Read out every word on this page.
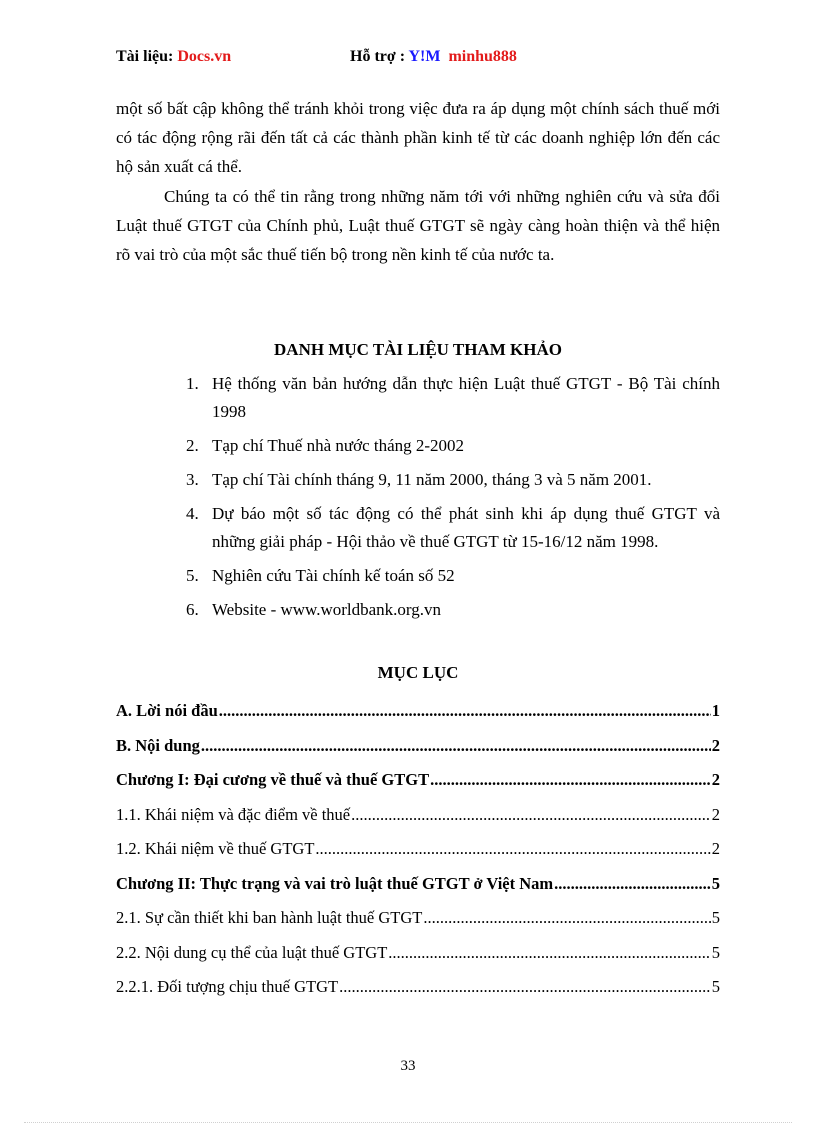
Tài liệu: Docs.vn	Hỗ trợ : Y!M minhu888
một số bất cập không thể tránh khỏi trong việc đưa ra áp dụng một chính sách thuế mới có tác động rộng rãi đến tất cả các thành phần kinh tế từ các doanh nghiệp lớn đến các hộ sản xuất cá thể.
Chúng ta có thể tin rằng trong những năm tới với những nghiên cứu và sửa đổi Luật thuế GTGT của Chính phủ, Luật thuế GTGT sẽ ngày càng hoàn thiện và thể hiện rõ vai trò của một sắc thuế tiến bộ trong nền kinh tế của nước ta.
DANH MỤC TÀI LIỆU THAM KHẢO
1. Hệ thống văn bản hướng dẫn thực hiện Luật thuế GTGT - Bộ Tài chính 1998
2. Tạp chí Thuế nhà nước tháng 2-2002
3. Tạp chí Tài chính tháng 9, 11 năm 2000, tháng 3 và 5 năm 2001.
4. Dự báo một số tác động có thể phát sinh khi áp dụng thuế GTGT và những giải pháp - Hội thảo về thuế GTGT từ 15-16/12 năm 1998.
5. Nghiên cứu Tài chính kế toán số 52
6. Website - www.worldbank.org.vn
MỤC LỤC
A. Lời nói đầu .....	1
B. Nội dung .....	2
Chương I: Đại cương về thuế và thuế GTGT .....	2
1.1. Khái niệm và đặc điểm về thuế .....	2
1.2. Khái niệm về thuế GTGT .....	2
Chương II: Thực trạng và vai trò luật thuế GTGT ở Việt Nam .....	5
2.1. Sự cần thiết khi ban hành luật thuế GTGT .....	5
2.2. Nội dung cụ thể của luật thuế GTGT .....	5
2.2.1. Đối tượng chịu thuế GTGT .....	5
33
